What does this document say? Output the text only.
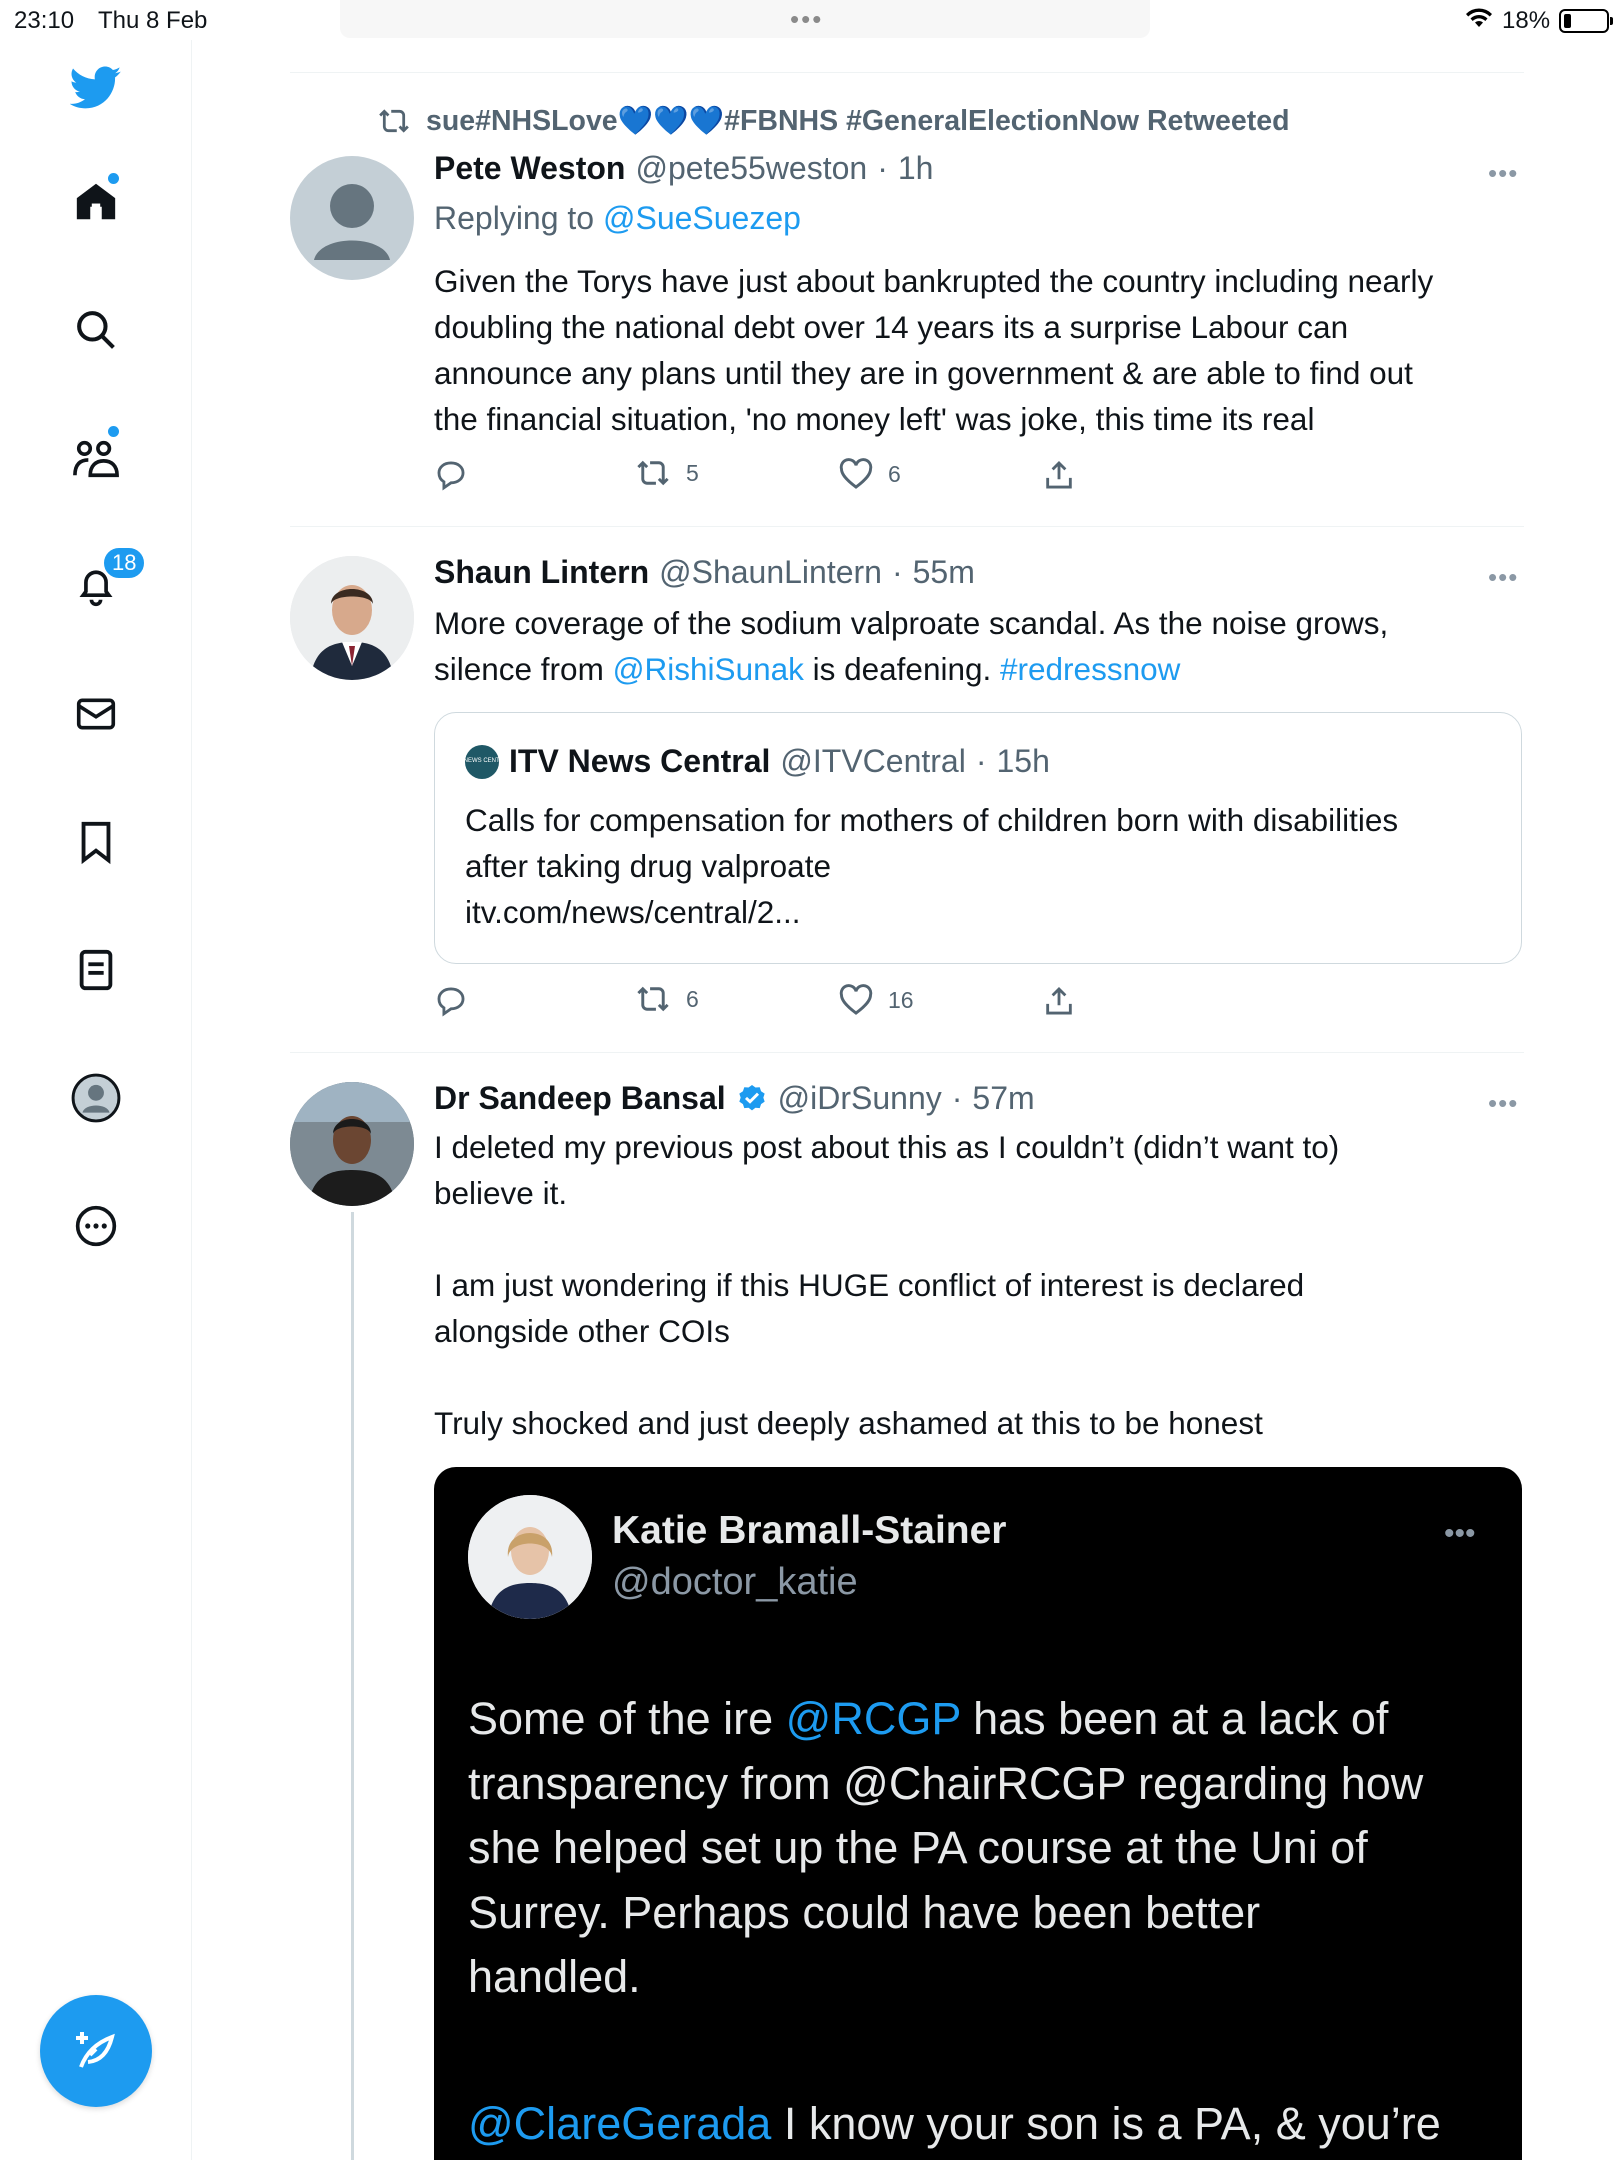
23:10 Thu 8 Feb	•••	18%
18
sue#NHSLove💙💙💙#FBNHS #GeneralElectionNow Retweeted
Pete Weston @pete55weston · 1h	•••
Replying to @SueSuezep
Given the Torys have just about bankrupted the country including nearly
doubling the national debt over 14 years its a surprise Labour can
announce any plans until they are in government & are able to find out
the financial situation, 'no money left' was joke, this time its real
5	6
Shaun Lintern @ShaunLintern · 55m	•••
More coverage of the sodium valproate scandal. As the noise grows,
silence from @RishiSunak is deafening. #redressnow
ITV NEWS CENTRAL
ITV News Central @ITVCentral · 15h
Calls for compensation for mothers of children born with disabilities
after taking drug valproate
itv.com/news/central/2...
6	16
Dr Sandeep Bansal @iDrSunny · 57m	•••
I deleted my previous post about this as I couldn’t (didn’t want to)
believe it.

I am just wondering if this HUGE conflict of interest is declared
alongside other COIs

Truly shocked and just deeply ashamed at this to be honest
Katie Bramall-Stainer
@doctor_katie
•••
Some of the ire @RCGP has been at a lack of
transparency from @ChairRCGP regarding how
she helped set up the PA course at the Uni of
Surrey. Perhaps could have been better
handled.
@ClareGerada I know your son is a PA, & you’re
